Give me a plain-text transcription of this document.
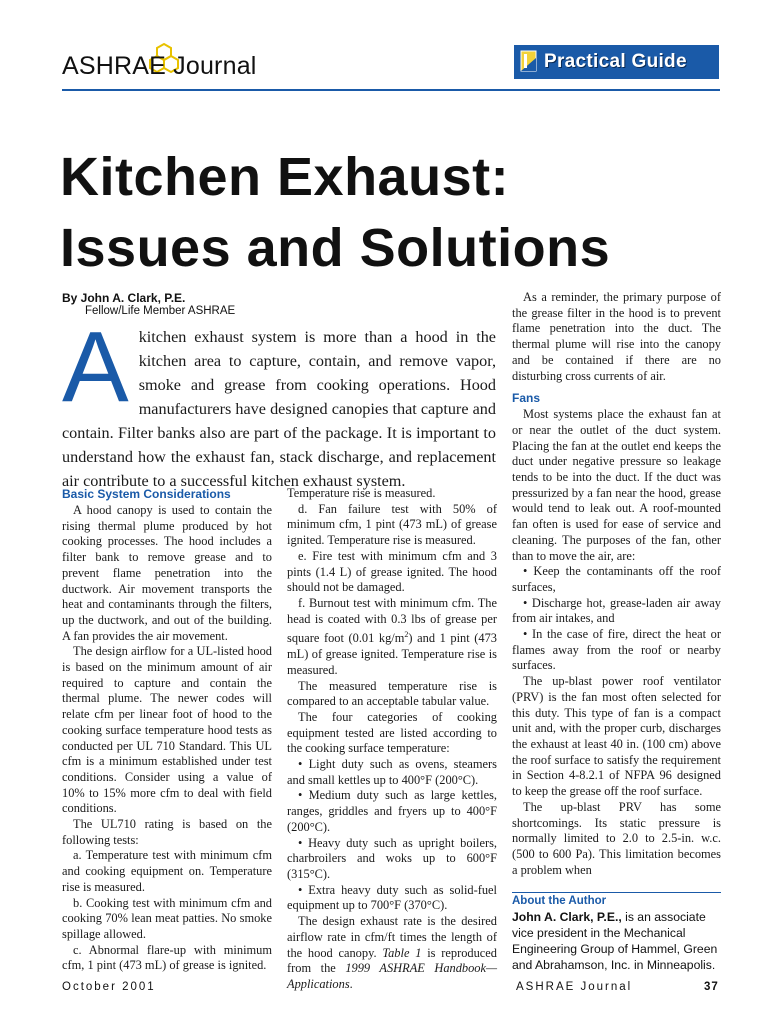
ASHRAE Journal	Practical Guide
Kitchen Exhaust:
Issues and Solutions
By John A. Clark, P.E.
Fellow/Life Member ASHRAE

Akitchen exhaust system is more than a hood in the kitchen area to capture, contain, and remove vapor, smoke and grease from cooking operations. Hood manufacturers have designed canopies that capture and contain. Filter banks also are part of the package. It is important to understand how the exhaust fan, stack discharge, and replacement air contribute to a successful kitchen exhaust system.

Basic System Considerations

A hood canopy is used to contain the rising thermal plume produced by hot cooking processes. The hood includes a filter bank to remove grease and to prevent flame penetration into the ductwork. Air movement transports the heat and contaminants through the filters, up the ductwork, and out of the building. A fan provides the air movement.

The design airflow for a UL-listed hood is based on the minimum amount of air required to capture and contain the thermal plume. The newer codes will relate cfm per linear foot of hood to the cooking surface temperature hood tests as conducted per UL 710 Standard. This UL cfm is a minimum established under test conditions. Consider using a value of 10% to 15% more cfm to deal with field conditions.

The UL710 rating is based on the following tests:

a. Temperature test with minimum cfm and cooking equipment on. Temperature rise is measured.

b. Cooking test with minimum cfm and cooking 70% lean meat patties. No smoke spillage allowed.

c. Abnormal flare-up with minimum cfm, 1 pint (473 mL) of grease is ignited.

Temperature rise is measured.

d. Fan failure test with 50% of minimum cfm, 1 pint (473 mL) of grease ignited. Temperature rise is measured.

e. Fire test with minimum cfm and 3 pints (1.4 L) of grease ignited. The hood should not be damaged.

f. Burnout test with minimum cfm. The head is coated with 0.3 lbs of grease per square foot (0.01 $kg/m^2$) and 1 pint (473 mL) of grease ignited. Temperature rise is measured.

The measured temperature rise is compared to an acceptable tabular value.

The four categories of cooking equipment tested are listed according to the cooking surface temperature:

• Light duty such as ovens, steamers and small kettles up to 400°F (200°C).

• Medium duty such as large kettles, ranges, griddles and fryers up to 400°F (200°C).

• Heavy duty such as upright boilers, charbroilers and woks up to 600°F (315°C).

• Extra heavy duty such as solid-fuel equipment up to 700°F (370°C).

The design exhaust rate is the desired airflow rate in cfm/ft times the length of the hood canopy. Table 1 is reproduced from the 1999 ASHRAE Handbook—Applications.

As a reminder, the primary purpose of the grease filter in the hood is to prevent flame penetration into the duct. The thermal plume will rise into the canopy and be contained if there are no disturbing cross currents of air.

Fans

Most systems place the exhaust fan at or near the outlet of the duct system. Placing the fan at the outlet end keeps the duct under negative pressure so leakage tends to be into the duct. If the duct was pressurized by a fan near the hood, grease would tend to leak out. A roof-mounted fan often is used for ease of service and cleaning. The purposes of the fan, other than to move the air, are:

• Keep the contaminants off the roof surfaces,

• Discharge hot, grease-laden air away from air intakes, and

• In the case of fire, direct the heat or flames away from the roof or nearby surfaces.

The up-blast power roof ventilator (PRV) is the fan most often selected for this duty. This type of fan is a compact unit and, with the proper curb, discharges the exhaust at least 40 in. (100 cm) above the roof surface to satisfy the requirement in Section 4-8.2.1 of NFPA 96 designed to keep the grease off the roof surface.

The up-blast PRV has some shortcomings. Its static pressure is normally limited to 2.0 to 2.5-in. w.c. (500 to 600 Pa). This limitation becomes a problem when

About the Author
John A. Clark, P.E., is an associate vice president in the Mechanical Engineering Group of Hammel, Green and Abrahamson, Inc. in Minneapolis.
October 2001	ASHRAE Journal	37
